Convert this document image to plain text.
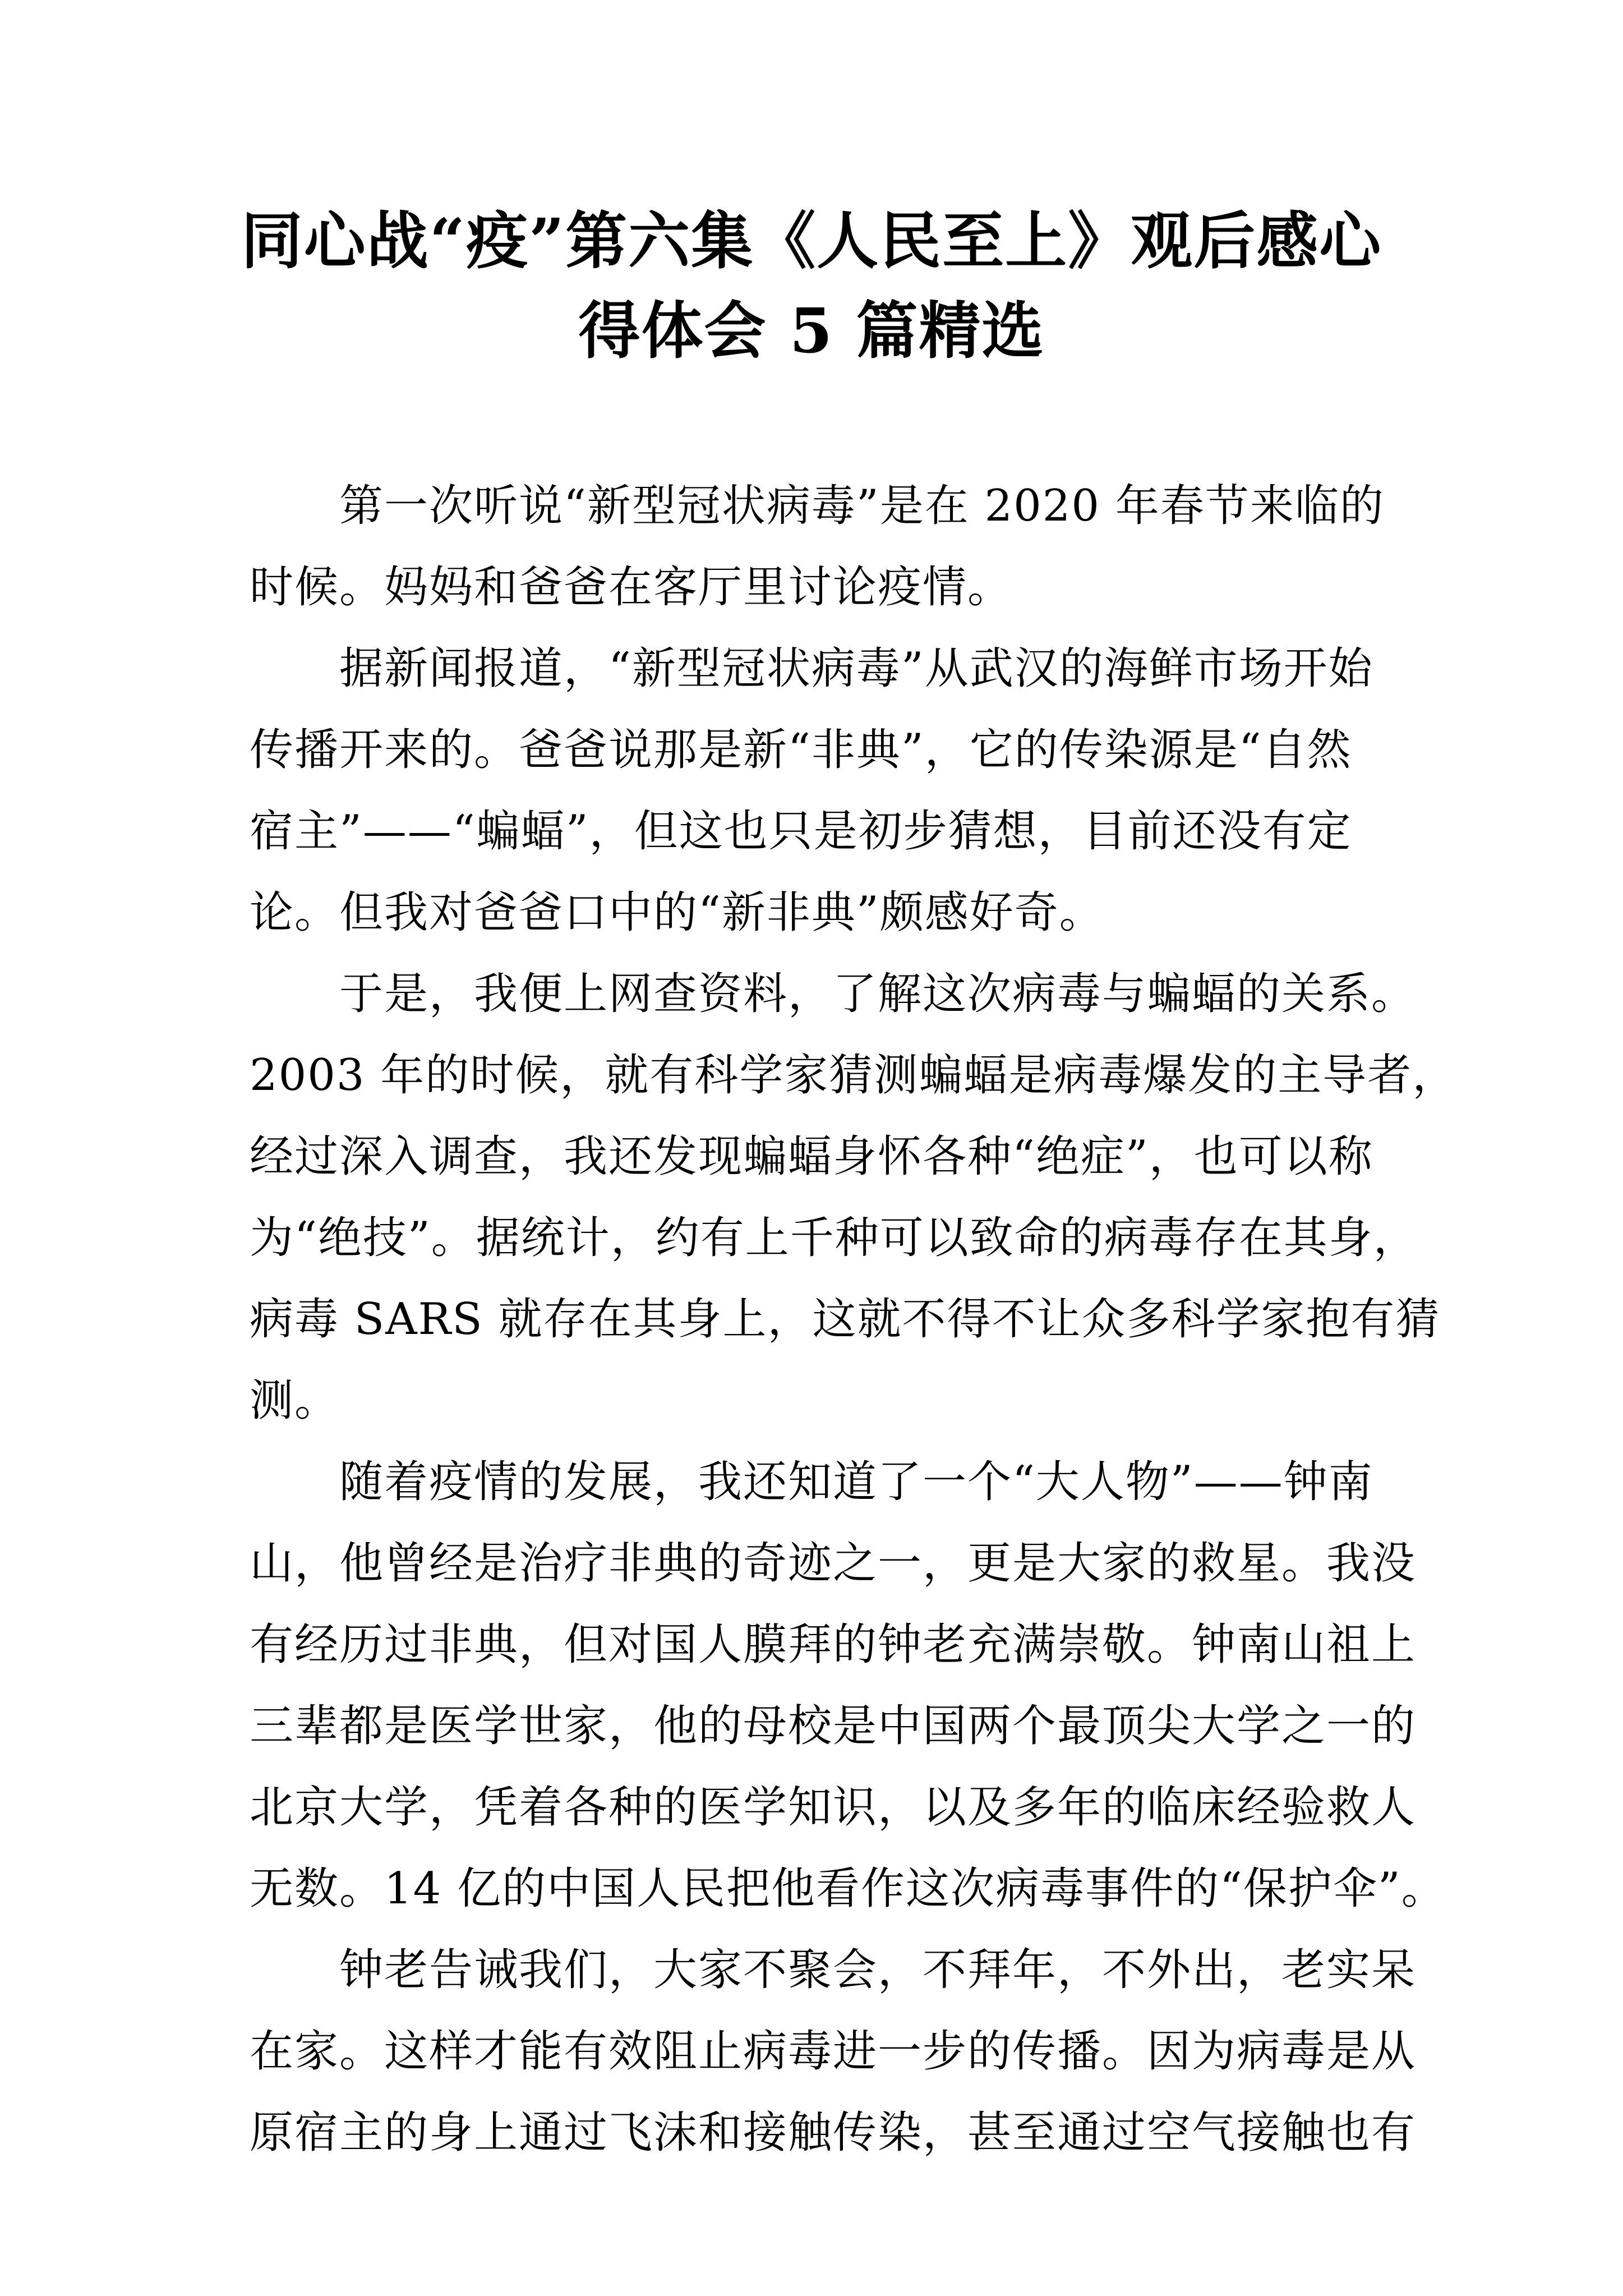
同心战“疫”第六集《人民至上》观后感心
得体会 5 篇精选
第一次听说“新型冠状病毒”是在 2020 年春节来临的
时候。妈妈和爸爸在客厅里讨论疫情。
据新闻报道，“新型冠状病毒”从武汉的海鲜市场开始
传播开来的。爸爸说那是新“非典”，它的传染源是“自然
宿主”——“蝙蝠”，但这也只是初步猜想，目前还没有定
论。但我对爸爸口中的“新非典”颇感好奇。
于是，我便上网查资料，了解这次病毒与蝙蝠的关系。
2003 年的时候，就有科学家猜测蝙蝠是病毒爆发的主导者，
经过深入调查，我还发现蝙蝠身怀各种“绝症”，也可以称
为“绝技”。据统计，约有上千种可以致命的病毒存在其身，
病毒 SARS 就存在其身上，这就不得不让众多科学家抱有猜
测。
随着疫情的发展，我还知道了一个“大人物”——钟南
山，他曾经是治疗非典的奇迹之一，更是大家的救星。我没
有经历过非典，但对国人膜拜的钟老充满崇敬。钟南山祖上
三辈都是医学世家，他的母校是中国两个最顶尖大学之一的
北京大学，凭着各种的医学知识，以及多年的临床经验救人
无数。14 亿的中国人民把他看作这次病毒事件的“保护伞”。
钟老告诫我们，大家不聚会，不拜年，不外出，老实呆
在家。这样才能有效阻止病毒进一步的传播。因为病毒是从
原宿主的身上通过飞沫和接触传染，甚至通过空气接触也有
